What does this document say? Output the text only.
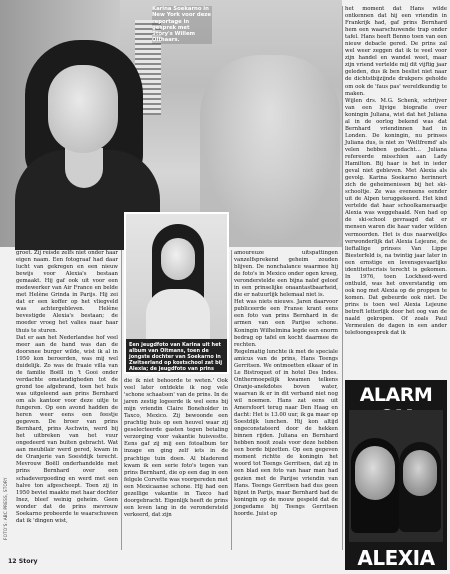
Karina Soekarno in New York voor deze reportage in gesprek met Story's Willem Olthaars.
Een jeugdfoto van Karina uit het album van Oltmans, toen de jongste dochter van Soekarno in Zwitserland op kostschool zat bij Alexia; de jeugdfoto van prins Bernhard.

groet. Zij reisde zelfs niet onder haar eigen naam. Een fotograaf had daar lucht van gekregen en een nieuw bewijs voor Alexia's bestaan gemaakt. Hij gaf ook uit voor een medewerker van Air France en belde met Helène Grinda in Parijs. Hij zei dat er een koffer op het vliegveld was achtergebleven. Helène bevestigde Alexia's bestaan; de moeder vroeg het valies naar haar thuis te sturen.

Dat er aan het Nederlandse hof veel meer aan de hand was dan de doorsnee burger wilde, wist ik al in 1950 kon beroerden, was mij wel duidelijk. Zo was de fraaie villa van de familie Boëll in 't Gooi onder verdachte omstandigheden tot de grond toe afgebrand, toen het huis was uitgeleend aan prins Bernhard om als kantoor voor deze uitje te fungeren. Op een avond hadden de heren weer eens een feestje gegeven. De broer van prins Bernhard, prins Aschwin, werd bij het uitbreken van het vuur ongedeerd van buiten gebracht. Wat aan meubilair werd gered, kwam in de Oranjerie van Soestdijk terecht. Mevrouw Boëll onderhandelde met prins Bernhard over een schadevergoeding en werd met een halve ton afgescheept. Toen zij in 1950 beviel maakte met haar dochter Inez, bleef weinig geheim. Geen wonder dat de prins mevrouw Soekarno probeerde te waarschuwen dat ik 'dingen wist,

die ik niet behoorde te weten.' Ook veel later ontdekte ik nog vele 'schone schaatsen' van de prins. In de jaren zestig logeerde ik wel eens bij mijn vriendin Claire Boneholder in Taxco, Mexico. Zij bewoonde een prachtig huis op een heuvel waar zij geselecteerde gasten tegen betaling verzorging voor vakantie huisvestte. Eens gaf zij mij een fotoalbum ter inzage en ging zelf iets in de prachtige tuin doen. Al bladerend kwam ik een serie foto's tegen van prins Bernhard, die op een dag in een felgele Corvette was voorgereden met een Mexicaanse schone. Hij had een gezellige vakantie in Taxco had doorgebracht. Eigenlijk heeft de prins een leven lang in de verondersteld verkeerd, dat zijn

amoureuze uitspattingen vanzelfsprekend geheim zouden blijven. De nonchalance waarmee hij de foto's in Mexico onder ogen kreeg, veronderstelde een bijna naïef geloof in een prinselijke onaantastbaarheid, die er natuurlijk helemaal niet is.

Het was niets nieuws. Jaren daarvoor publiceerde een Franse krant eens een foto van prins Bernhard in de armen van een Parijse schone. Koningin Wilhelmina legde een enorm bedrag op tafel en kocht daarmee de rechten.

Regelmatig lunchte ik met de speciale amicus van de prins, Hans Teengs Gerritsen. We ontmoetten elkaar of in Le Bistroquet of in hotel Des Indes. Onthermoepelijk kwamen telkens Oranje-anekdotes boven water, waarvan ik er in dit verband niet nog wil noemen. Hans zat eens uit Amersfoort terug naar Den Haag en dacht: Het is 13.00 uur, ik ga maar op Soestdijk lunchen. Hij kon altijd ongeconstateerd door de hekken binnen rijden. Juliana en Bernhard hebben nooit zoals voor deze hebben een borde bijzetten. Op een gegeven moment richtte de koningin het woord tot Teengs Gerritsen, dat zij in een blad een foto van haar man had gezien met de Parijse vriendin van Hans. Teengs Gerritsen had dus geen bijzet in Parijs, maar Bernhard had de koningin op de mouw gespeld dat de jongedame bij Teengs Gerritsen hoorde. Juist op

het moment dat Hans wilde ontkennen dat hij een vriendin in Frankrijk had, gaf prins Bernhard hem een waarschuwende trap onder tafel. Hans heeft Benno toen van een nieuw debacle gered. De prins zal wel weer zeggen dat ik te veel voor zijn handel en wandel weet, maar zijn vriend vertelde mij dit vijftig jaar geleden, dus ik ben beslist niet naar de dichtstbijzijnde drukpers geholde om ook de 'faus pas' wereldkundig te maken.

Wijlen drs. M.G. Schenk, schrijver van een lijvige biografie over koningin Juliana, wist dat het Juliana al in de oorlog bekend was dat Bernhard vriendinnen had in Londen. De koningin, nu prinses Juliana dus, is niet zo 'Weltfremd' als velen hebben gedacht… Juliana refereerde misschien aan Lady Hamilton. Bij haar is het in ieder geval niet gebleven. Met Alexia als gevolg. Karina Soekarno herinnert zich de geheimenissen bij het ski-schooltje. Ze was eveneens eender uit de Alpen teruggekeerd. Het kind vertelde dat haar schoolkameraadje Alexia was weggehaald. Nen had op de ski-school gevraagd dat er mensen waren die haar vader wilden vermoorden. Het is dus naarwelijks verwonderlijk dat Alexia Lejeune, de lieftallige prinses Van Lippe Biesterfeld is, na twintig jaar later in een ernstige en levensgevaarlijke identiteitscrisis terecht is gekomen. In 1976, toen Lockheed-werd onthuld, was het onverstandig om ook nog met Alexia op de proppen te komen. Dat gebeurde ook niet. De prins is toen wel Alexia Lejeune betreft letterlijk door het oog van de naald gekropen. Of zoals Paul Vermeulen de dagen in een ander telefoongesprek dat ik

ALARM
ALEXIA
FOTO'S: ABC PRESS, STORY
12 Story
